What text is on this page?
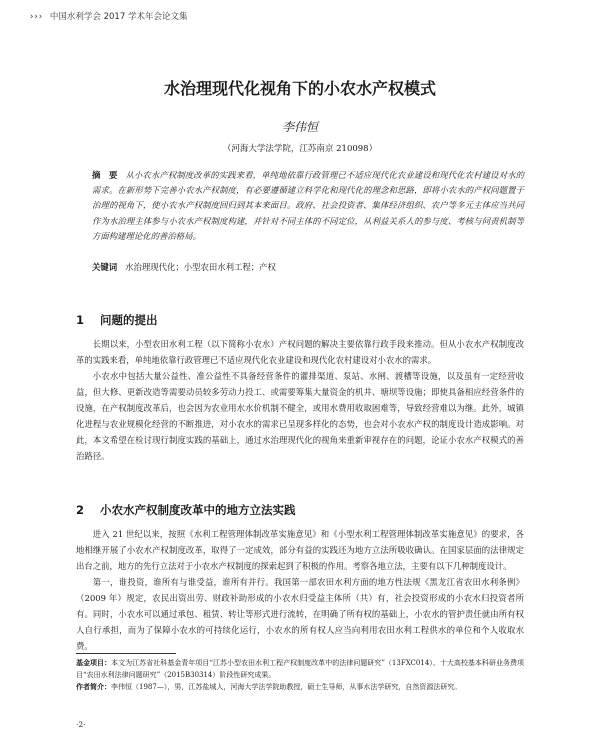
››› 中国水利学会 2017 学术年会论文集
水治理现代化视角下的小农水产权模式
李伟恒
（河海大学法学院，江苏南京 210098）
摘　要 从小农水产权制度改革的实践来看，单纯地依靠行政管理已不适应现代化农业建设和现代化农村建设对水的需求。在新形势下完善小农水产权制度，有必要遵循建立科学化和现代化的理念和思路，即将小农水的产权问题置于治理的视角下，使小农水产权制度回归到其本来面目。政府、社会投资者、集体经济组织、农户等多元主体应当共同作为水治理主体参与小农水产权制度构建，并针对不同主体的不同定位，从利益关系人的参与度、考核与问责机制等方面构建理论化的善治格局。
关键词 水治理现代化；小型农田水利工程；产权
1 问题的提出

长期以来，小型农田水利工程（以下简称小农水）产权问题的解决主要依靠行政手段来推动。但从小农水产权制度改革的实践来看，单纯地依靠行政管理已不适应现代化农业建设和现代化农村建设对小农水的需求。

小农水中包括大量公益性、准公益性不具备经营条件的灌排渠道、泵站、水闸、渡槽等设施，以及虽有一定经营收益，但大修、更新改造等需要动员较多劳动力投工、或需要筹集大量资金的机井、塘坝等设施；即使具备相应经营条件的设施，在产权制度改革后，也会因为农业用水水价机制不健全，或用水费用收取困难等，导致经营难以为继。此外，城镇化进程与农业规模化经营的不断推进，对小农水的需求已呈现多样化的态势，也会对小农水产权的制度设计造成影响。对此，本文希望在检讨现行制度实践的基础上，通过水治理现代化的视角来重新审视存在的问题，论证小农水产权模式的善治路径。

2 小农水产权制度改革中的地方立法实践

进入 21 世纪以来，按照《水利工程管理体制改革实施意见》和《小型水利工程管理体制改革实施意见》的要求，各地相继开展了小农水产权制度改革，取得了一定成效，部分有益的实践还为地方立法所吸收确认。在国家层面的法律规定出台之前，地方的先行立法对于小农水产权制度的探索起到了积极的作用。考察各地立法，主要有以下几种制度设计。

第一，谁投资，谁所有与谁受益，谁所有并行。我国第一部农田水利方面的地方性法规《黑龙江省农田水利条例》（2009 年）规定，农民出资出劳、财政补助形成的小农水归受益主体所（共）有，社会投资形成的小农水归投资者所有。同时，小农水可以通过承包、租赁、转让等形式进行流转，在明确了所有权的基础上，小农水的管护责任就由所有权人自行承担，而为了保障小农水的可持续化运行，小农水的所有权人应当向利用农田水利工程供水的单位和个人收取水费。

基金项目：本文为江苏省社科基金青年项目“江苏小型农田水利工程产权制度改革中的法律问题研究”（13FXC014）、十大高校基本科研业务费项目“农田水利法律问题研究”（2015B30314）阶段性研究成果。

作者简介：李伟恒（1987—），男，江苏盐城人，河海大学法学院助教授，硕士生导师，从事水法学研究，自然资源法研究。

·2·
